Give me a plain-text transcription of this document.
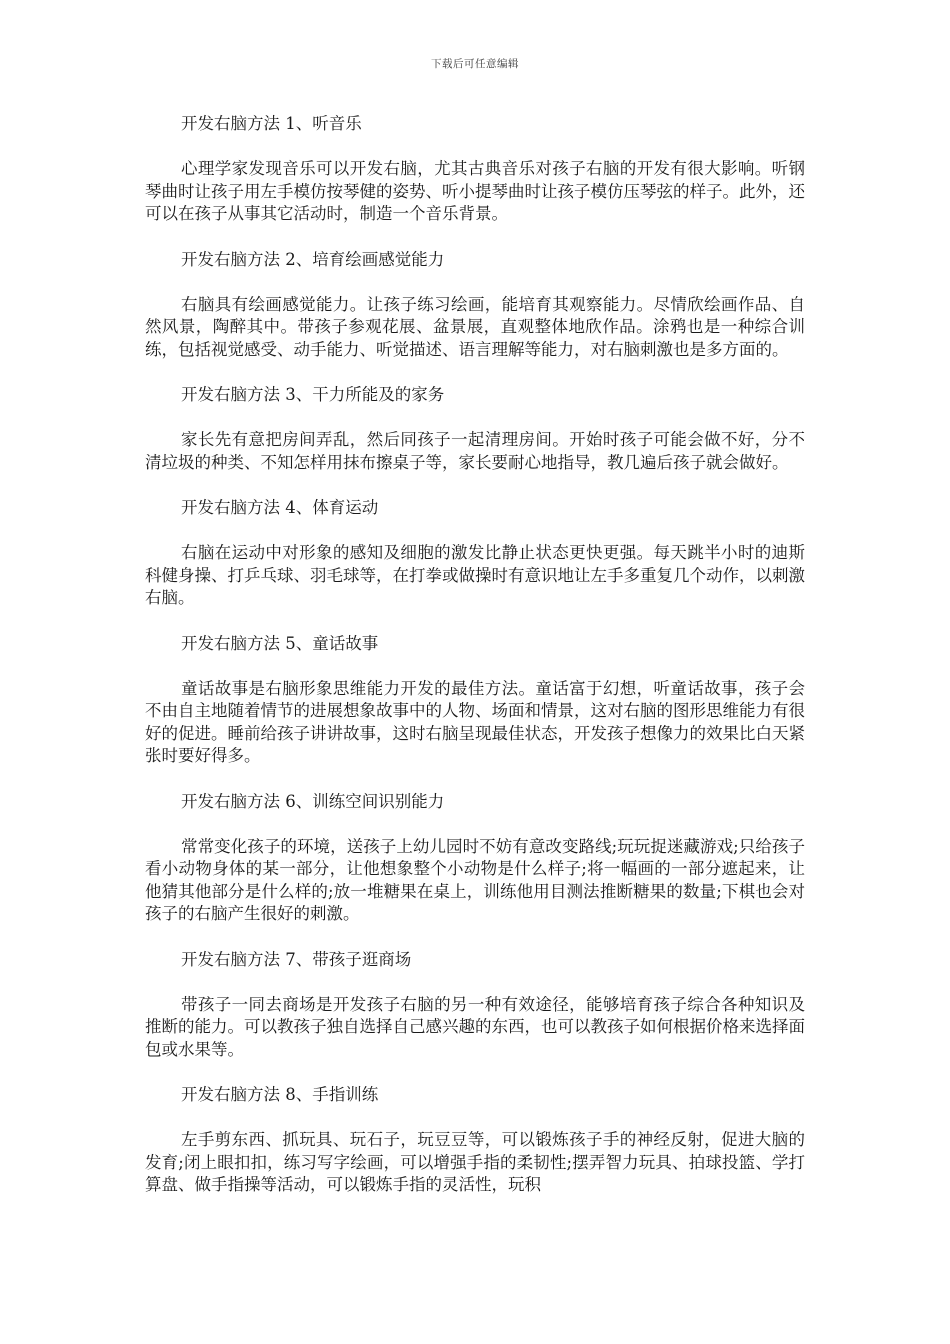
下载后可任意编辑
开发右脑方法 1、听音乐
心理学家发现音乐可以开发右脑，尤其古典音乐对孩子右脑的开发有很大影响。听钢琴曲时让孩子用左手模仿按琴健的姿势、听小提琴曲时让孩子模仿压琴弦的样子。此外，还可以在孩子从事其它活动时，制造一个音乐背景。
开发右脑方法 2、培育绘画感觉能力
右脑具有绘画感觉能力。让孩子练习绘画，能培育其观察能力。尽情欣绘画作品、自然风景，陶醉其中。带孩子参观花展、盆景展，直观整体地欣作品。涂鸦也是一种综合训练，包括视觉感受、动手能力、听觉描述、语言理解等能力，对右脑刺激也是多方面的。
开发右脑方法 3、干力所能及的家务
家长先有意把房间弄乱，然后同孩子一起清理房间。开始时孩子可能会做不好，分不清垃圾的种类、不知怎样用抹布擦桌子等，家长要耐心地指导，教几遍后孩子就会做好。
开发右脑方法 4、体育运动
右脑在运动中对形象的感知及细胞的激发比静止状态更快更强。每天跳半小时的迪斯科健身操、打乒乓球、羽毛球等，在打拳或做操时有意识地让左手多重复几个动作，以刺激右脑。
开发右脑方法 5、童话故事
童话故事是右脑形象思维能力开发的最佳方法。童话富于幻想，听童话故事，孩子会不由自主地随着情节的进展想象故事中的人物、场面和情景，这对右脑的图形思维能力有很好的促进。睡前给孩子讲讲故事，这时右脑呈现最佳状态，开发孩子想像力的效果比白天紧张时要好得多。
开发右脑方法 6、训练空间识别能力
常常变化孩子的环境，送孩子上幼儿园时不妨有意改变路线;玩玩捉迷藏游戏;只给孩子看小动物身体的某一部分，让他想象整个小动物是什么样子;将一幅画的一部分遮起来，让他猜其他部分是什么样的;放一堆糖果在桌上，训练他用目测法推断糖果的数量;下棋也会对孩子的右脑产生很好的刺激。
开发右脑方法 7、带孩子逛商场
带孩子一同去商场是开发孩子右脑的另一种有效途径，能够培育孩子综合各种知识及推断的能力。可以教孩子独自选择自己感兴趣的东西，也可以教孩子如何根据价格来选择面包或水果等。
开发右脑方法 8、手指训练
左手剪东西、抓玩具、玩石子，玩豆豆等，可以锻炼孩子手的神经反射，促进大脑的发育;闭上眼扣扣，练习写字绘画，可以增强手指的柔韧性;摆弄智力玩具、拍球投篮、学打算盘、做手指操等活动，可以锻炼手指的灵活性，玩积
